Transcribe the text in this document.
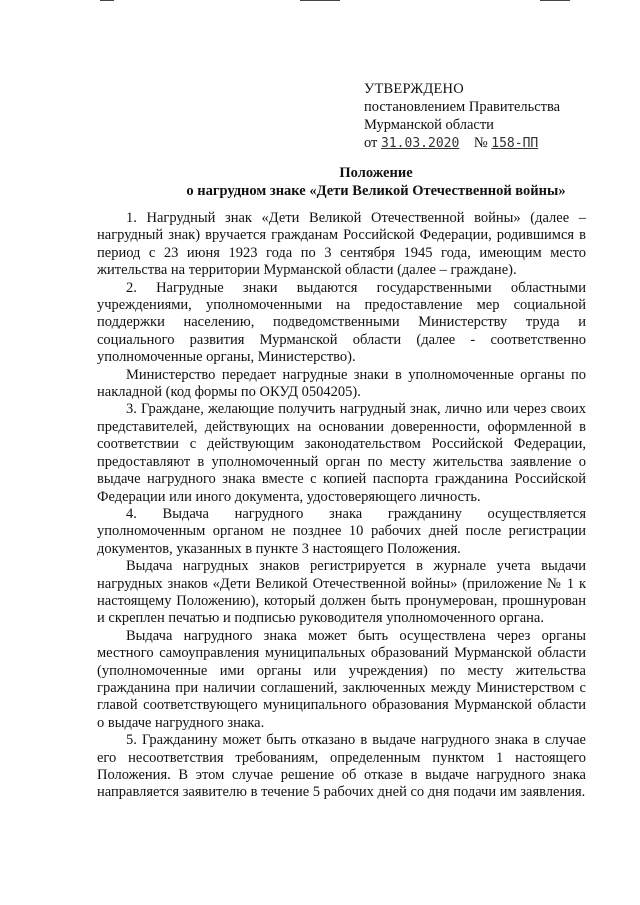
УТВЕРЖДЕНО
постановлением Правительства
Мурманской области
от 31.03.2020 № 158-ПП
Положение
о нагрудном знаке «Дети Великой Отечественной войны»

1. Нагрудный знак «Дети Великой Отечественной войны» (далее – нагрудный знак) вручается гражданам Российской Федерации, родившимся в период с 23 июня 1923 года по 3 сентября 1945 года, имеющим место жительства на территории Мурманской области (далее – граждане).

2. Нагрудные знаки выдаются государственными областными учреждениями, уполномоченными на предоставление мер социальной поддержки населению, подведомственными Министерству труда и социального развития Мурманской области (далее - соответственно уполномоченные органы, Министерство).

Министерство передает нагрудные знаки в уполномоченные органы по накладной (код формы по ОКУД 0504205).

3. Граждане, желающие получить нагрудный знак, лично или через своих представителей, действующих на основании доверенности, оформленной в соответствии с действующим законодательством Российской Федерации, предоставляют в уполномоченный орган по месту жительства заявление о выдаче нагрудного знака вместе с копией паспорта гражданина Российской Федерации или иного документа, удостоверяющего личность.

4. Выдача нагрудного знака гражданину осуществляется уполномоченным органом не позднее 10 рабочих дней после регистрации документов, указанных в пункте 3 настоящего Положения.

Выдача нагрудных знаков регистрируется в журнале учета выдачи нагрудных знаков «Дети Великой Отечественной войны» (приложение № 1 к настоящему Положению), который должен быть пронумерован, прошнурован и скреплен печатью и подписью руководителя уполномоченного органа.

Выдача нагрудного знака может быть осуществлена через органы местного самоуправления муниципальных образований Мурманской области (уполномоченные ими органы или учреждения) по месту жительства гражданина при наличии соглашений, заключенных между Министерством с главой соответствующего муниципального образования Мурманской области о выдаче нагрудного знака.

5. Гражданину может быть отказано в выдаче нагрудного знака в случае его несоответствия требованиям, определенным пунктом 1 настоящего Положения. В этом случае решение об отказе в выдаче нагрудного знака направляется заявителю в течение 5 рабочих дней со дня подачи им заявления.
